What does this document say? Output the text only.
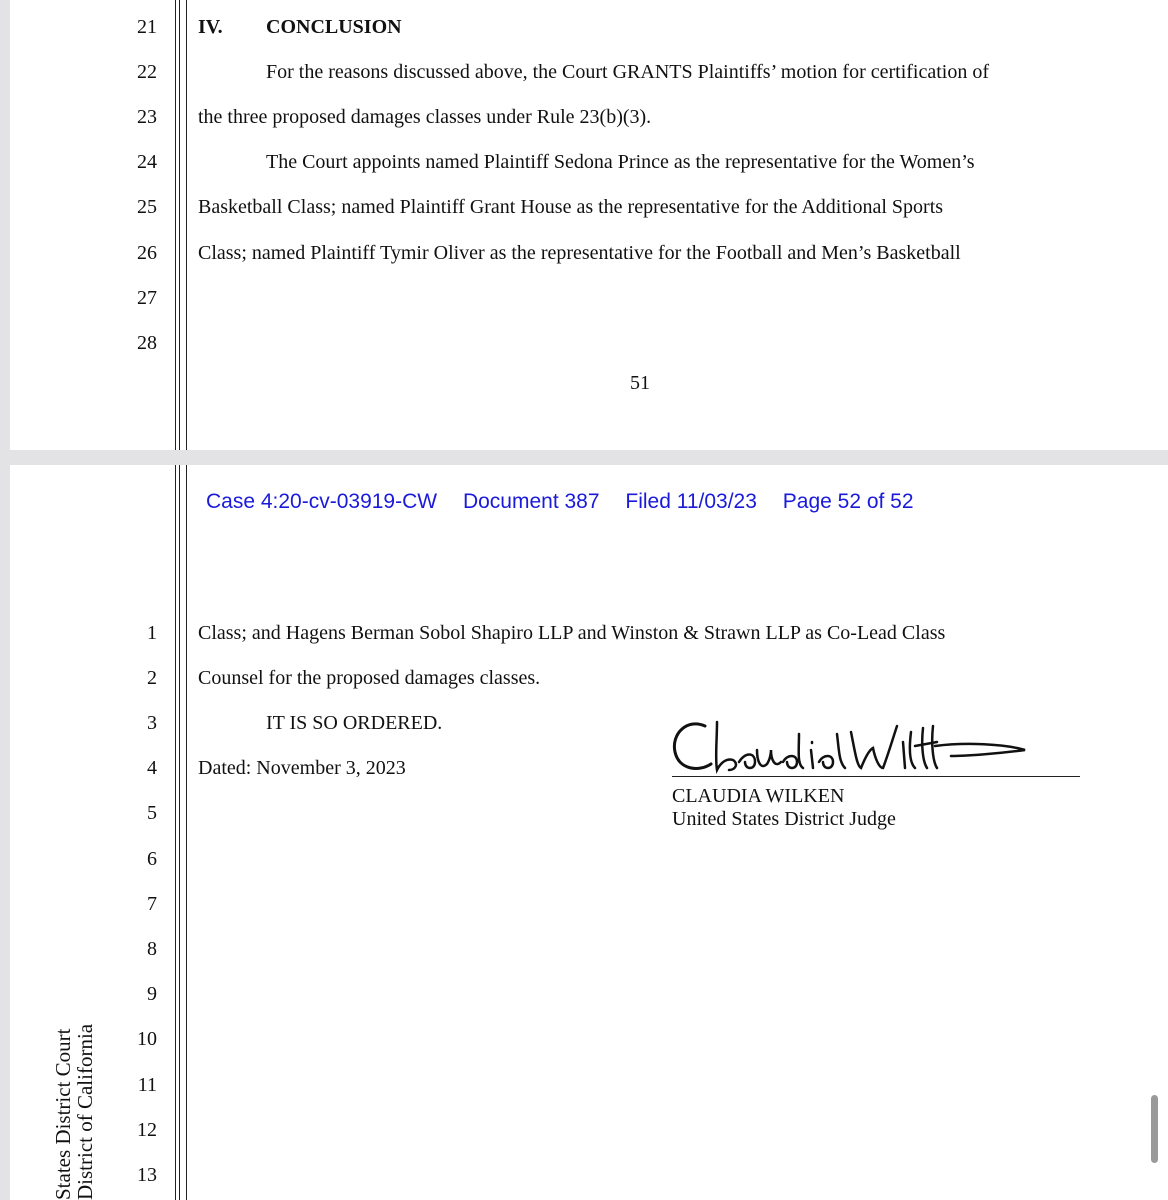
21
22
23
24
25
26
27
28
IV. CONCLUSION
For the reasons discussed above, the Court GRANTS Plaintiffs’ motion for certification of
the three proposed damages classes under Rule 23(b)(3).
The Court appoints named Plaintiff Sedona Prince as the representative for the Women’s
Basketball Class; named Plaintiff Grant House as the representative for the Additional Sports
Class; named Plaintiff Tymir Oliver as the representative for the Football and Men’s Basketball
51
1
2
3
4
5
6
7
8
9
10
11
12
13
Class; and Hagens Berman Sobol Shapiro LLP and Winston & Strawn LLP as Co-Lead Class
Counsel for the proposed damages classes.
IT IS SO ORDERED.
Dated: November 3, 2023
CLAUDIA WILKEN
United States District Judge
Case 4:20-cv-03919-CW Document 387 Filed 11/03/23 Page 52 of 52
States District Court
District of California
